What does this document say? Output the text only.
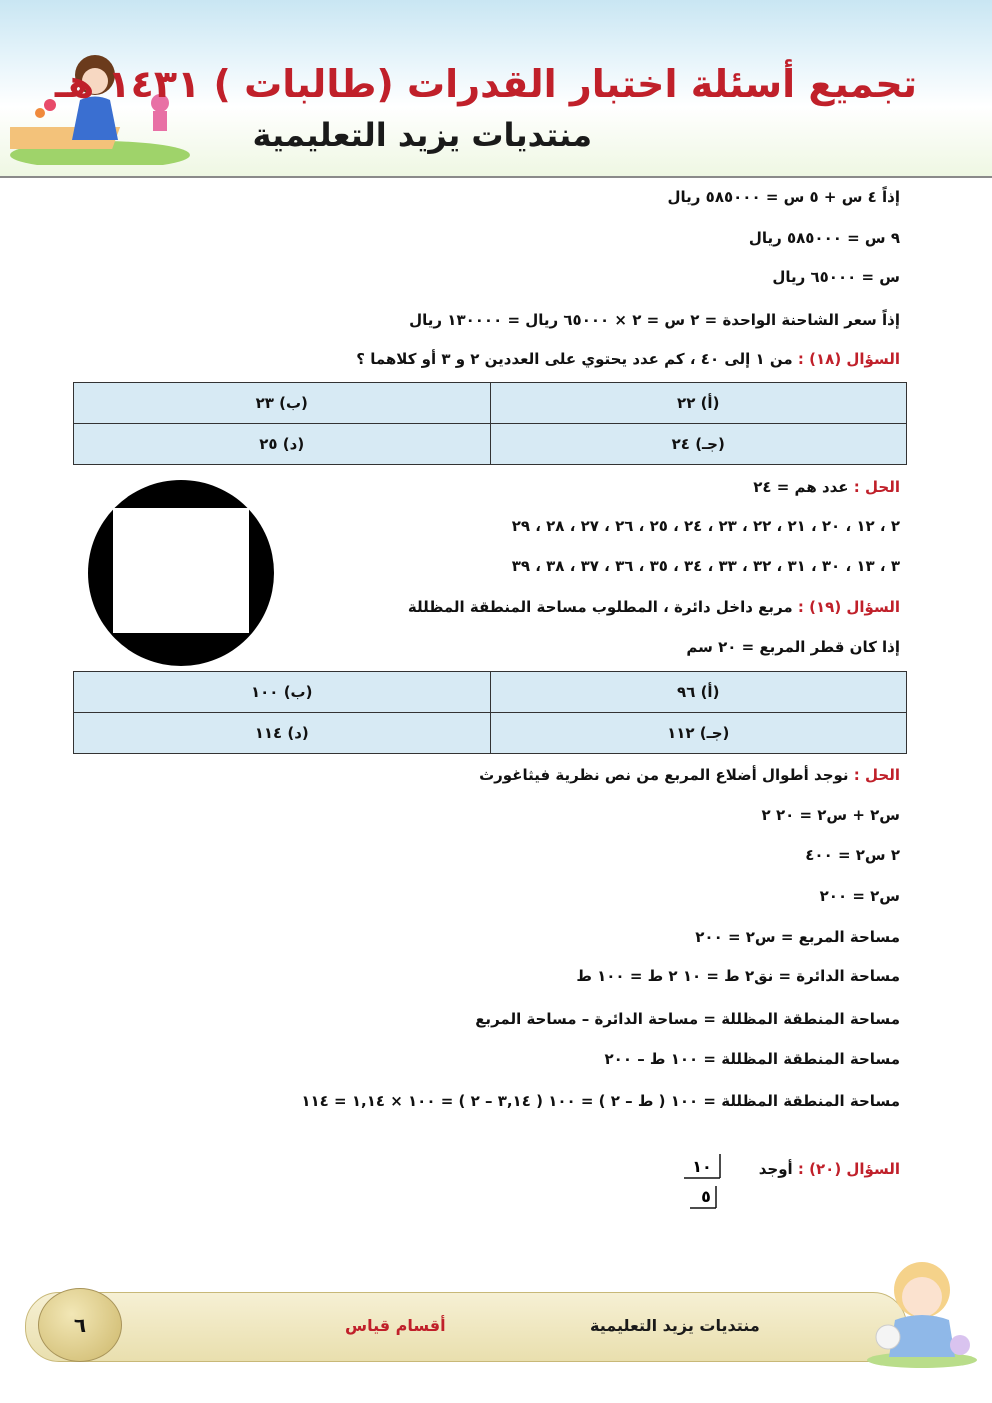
تجميع أسئلة اختبار القدرات (طالبات ) ١٤٣١ هـ
منتديات يزيد التعليمية
إذاً ٤ س + ٥ س = ٥٨٥٠٠٠ ريال
٩ س = ٥٨٥٠٠٠ ريال
س = ٦٥٠٠٠ ريال
إذاً سعر الشاحنة الواحدة = ٢ س = ٢ × ٦٥٠٠٠ ريال = ١٣٠٠٠٠ ريال
السؤال (١٨) : من ١ إلى ٤٠ ، كم عدد يحتوي على العددين ٢ و ٣ أو كلاهما ؟
(أ) ٢٢	(ب) ٢٣
(جـ) ٢٤	(د) ٢٥
الحل : عدد هم = ٢٤
٢ ، ١٢ ، ٢٠ ، ٢١ ، ٢٢ ، ٢٣ ، ٢٤ ، ٢٥ ، ٢٦ ، ٢٧ ، ٢٨ ، ٢٩
٣ ، ١٣ ، ٣٠ ، ٣١ ، ٣٢ ، ٣٣ ، ٣٤ ، ٣٥ ، ٣٦ ، ٣٧ ، ٣٨ ، ٣٩
السؤال (١٩) : مربع داخل دائرة ، المطلوب مساحة المنطقة المظللة
إذا كان قطر المربع = ٢٠ سم
(أ) ٩٦	(ب) ١٠٠
(جـ) ١١٢	(د) ١١٤
الحل : نوجد أطوال أضلاع المربع من نص نظرية فيثاغورث
س٢ + س٢ = ٢٠ ٢
٢ س٢ = ٤٠٠
س٢ = ٢٠٠
مساحة المربع = س٢ = ٢٠٠
مساحة الدائرة = نق٢ ط = ١٠ ٢ ط = ١٠٠ ط
مساحة المنطقة المظللة = مساحة الدائرة – مساحة المربع
مساحة المنطقة المظللة = ١٠٠ ط – ٢٠٠
مساحة المنطقة المظللة = ١٠٠ ( ط – ٢ ) = ١٠٠ ( ٣,١٤ – ٢ ) = ١٠٠ × ١,١٤ = ١١٤
السؤال (٢٠) : أوجد
١٠
٥
٦	أقسام قياس	منتديات يزيد التعليمية
